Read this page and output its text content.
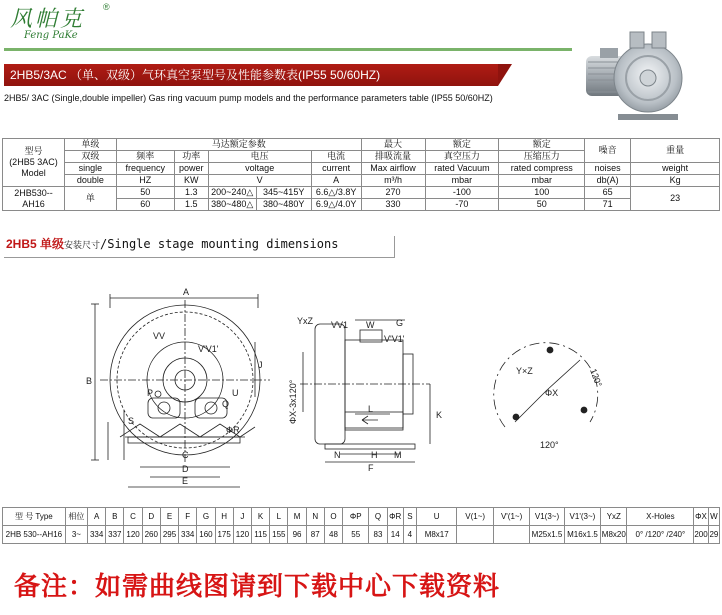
风帕克 ®
Feng PaKe
2HB5/3AC （单、双级）气环真空泵型号及性能参数表(IP55 50/60HZ)
2HB5/ 3AC (Single,double impeller) Gas ring vacuum pump models and the performance parameters table (IP55 50/60HZ)
型号
(2HB5 3AC)
Model	单级	马达额定参数					最大	额定	额定	噪音	重量
	双级	频率	功率	电压		电流	排吸流量	真空压力	压缩压力		
	single	frequency	power	voltage		current	Max airflow	rated Vacuum	rated compress	noises	weight
	double	HZ	KW	V		A	m³/h	mbar	mbar	db(A)	Kg
2HB530--AH16	单	50	1.3	200~240△	345~415Y	6.6△/3.8Y	270	-100	100	65	23
		60	1.5	380~480△	380~480Y	6.9△/4.0Y	330	-70	50	71	
2HB5 单级安装尺寸/Single stage mounting dimensions
A
B
VV
V'V1'
J
P	U
Q
ΦR
S
C
D
E
YxZ VV1 W G
V'V1'
K
L
N	H M
F
ΦX-3x120°
Y×Z
ΦX
120°
120°
型 号 Type	相位	A	B	C	D	E	F	G	H	J	K	L	M	N	O	ΦP	Q	ΦR	S	U	V(1~)	V'(1~)	V1(3~)	V1'(3~)	YxZ	X-Holes	ΦX	W
2HB 530--AH16	3~	334	337	120	260	295	334	160	175	120	115	155	96	87	48	55	83	14	4	M8x17			M25x1.5	M16x1.5	M8x20	0° /120° /240°	200	29
备注：如需曲线图请到下载中心下载资料
